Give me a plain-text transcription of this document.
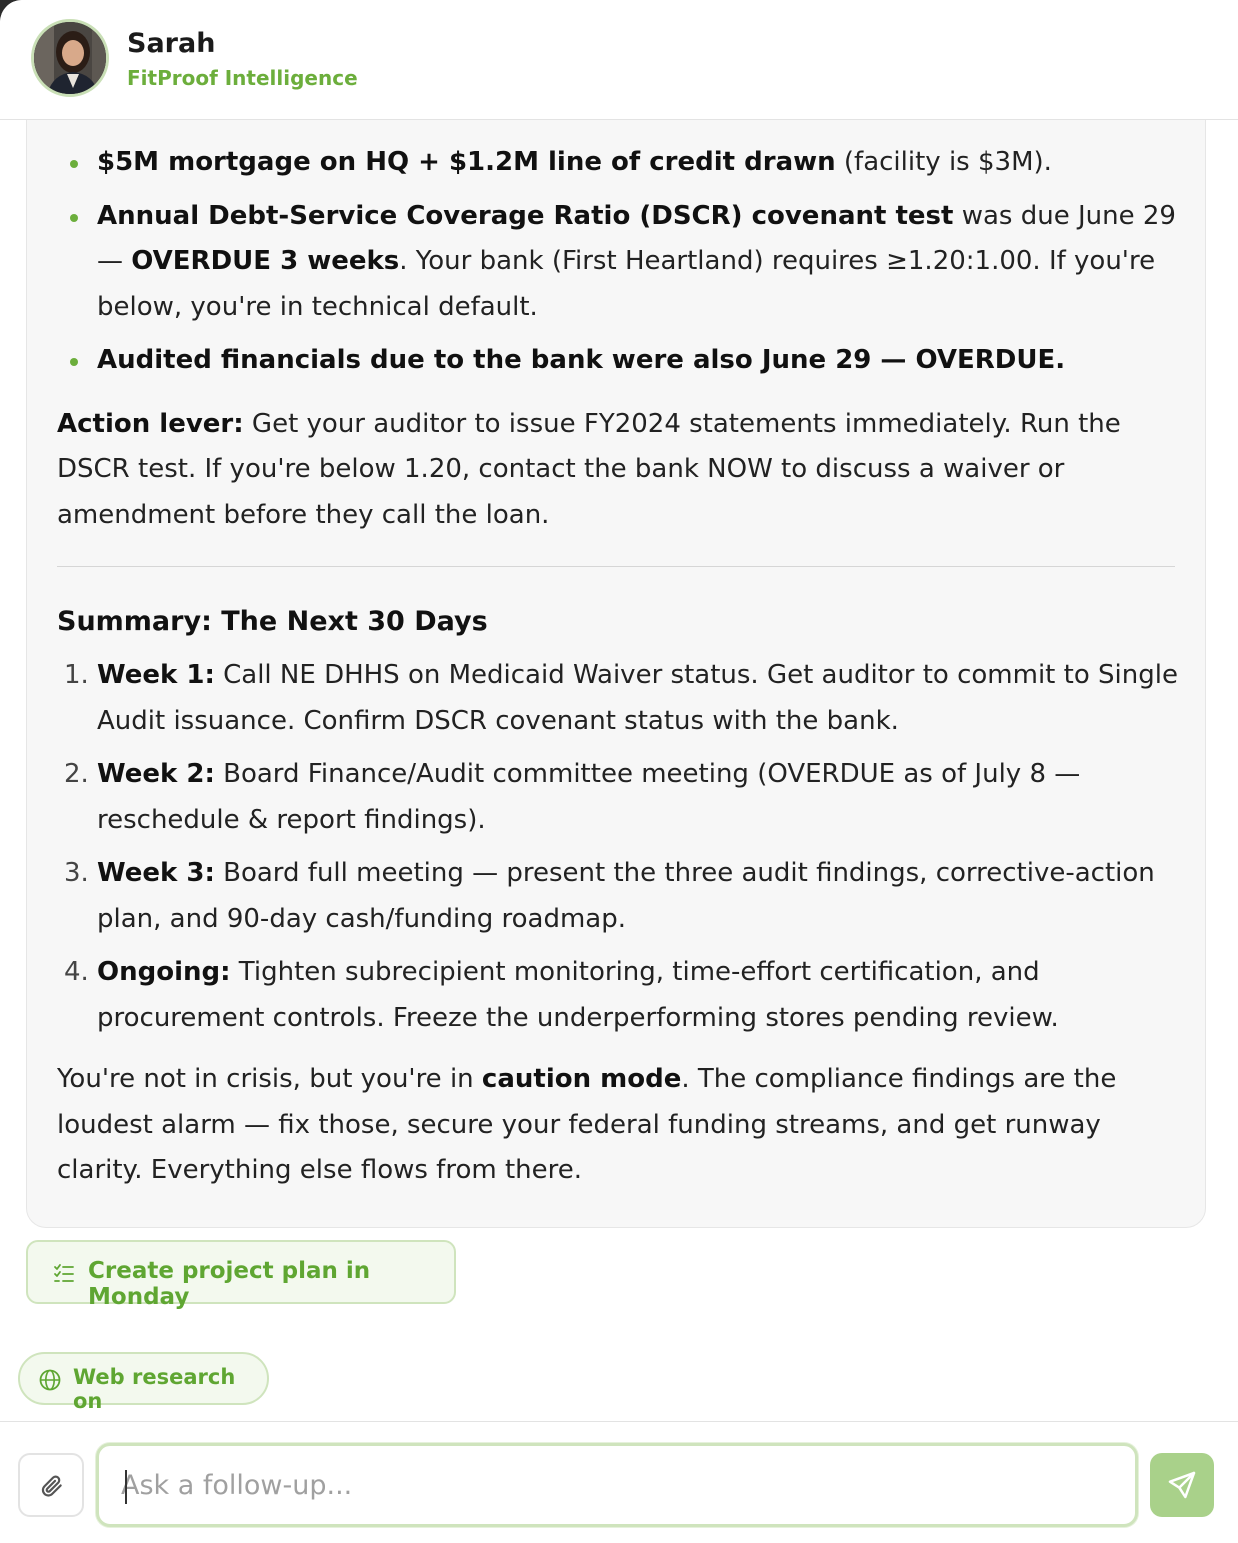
$5M mortgage on HQ + $1.2M line of credit drawn (facility is $3M).
Annual Debt-Service Coverage Ratio (DSCR) covenant test was due June 29 — OVERDUE 3 weeks. Your bank (First Heartland) requires ≥1.20:1.00. If you're below, you're in technical default.
Audited financials due to the bank were also June 29 — OVERDUE.

Action lever: Get your auditor to issue FY2024 statements immediately. Run the DSCR test. If you're below 1.20, contact the bank NOW to discuss a waiver or amendment before they call the loan.

Summary: The Next 30 Days
1. Week 1: Call NE DHHS on Medicaid Waiver status. Get auditor to commit to Single Audit issuance. Confirm DSCR covenant status with the bank.
2. Week 2: Board Finance/Audit committee meeting (OVERDUE as of July 8 — reschedule & report findings).
3. Week 3: Board full meeting — present the three audit findings, corrective-action plan, and 90-day cash/funding roadmap.
4. Ongoing: Tighten subrecipient monitoring, time-effort certification, and procurement controls. Freeze the underperforming stores pending review.

You're not in crisis, but you're in caution mode. The compliance findings are the loudest alarm — fix those, secure your federal funding streams, and get runway clarity. Everything else flows from there.

Sarah
FitProof Intelligence
Create project plan in Monday
Web research on
Ask a follow-up...
